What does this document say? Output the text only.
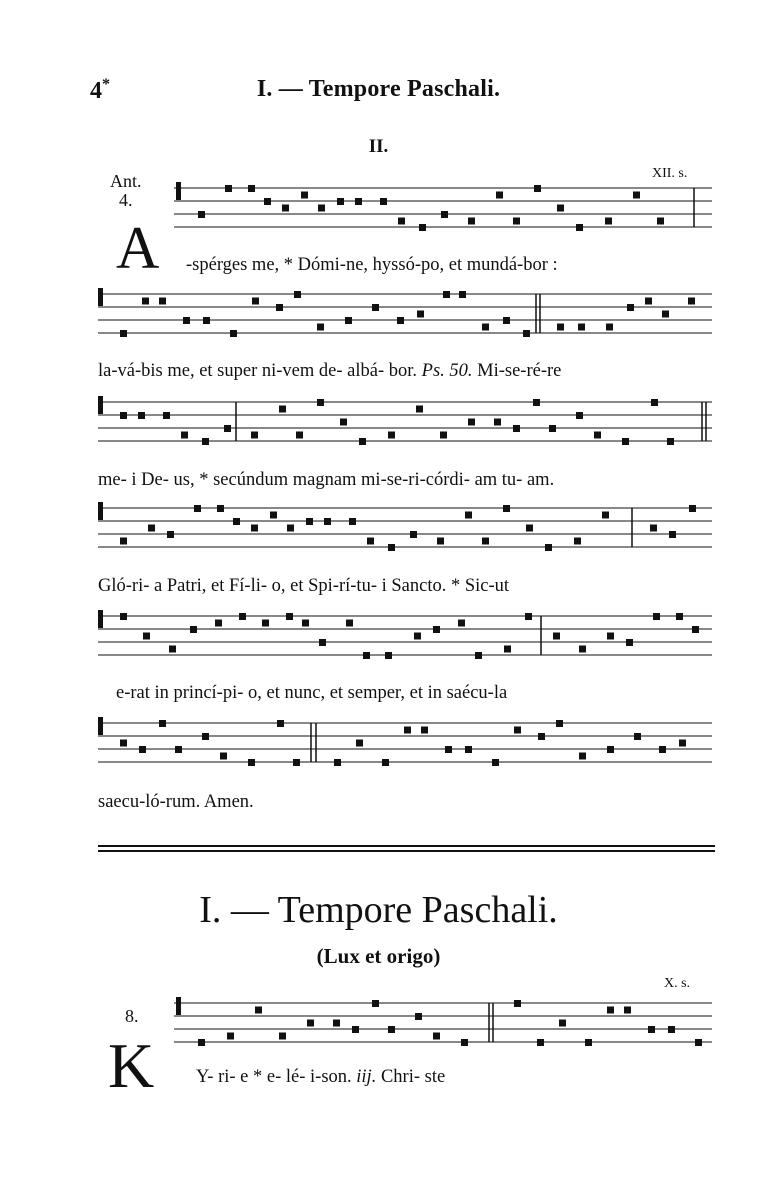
4*	I. — Tempore Paschali.
II.
Ant.
4.
XII. s.
A -spérges me, * Dómi-ne, hyssó-po, et mundá-bor :
la-vá-bis me, et super ni-vem de- albá- bor. Ps. 50. Mi-se-ré-re
me- i De- us, * secúndum magnam mi-se-ri-córdi- am tu- am.
Gló-ri- a Patri, et Fí-li- o, et Spi-rí-tu- i Sancto. * Sic-ut
e-rat in princí-pi- o, et nunc, et semper, et in saécu-la
saecu-ló-rum. Amen.
I. — Tempore Paschali.
(Lux et origo)
X. s.
8.
K Y- ri- e * e- lé- i-son. iij. Chri- ste
